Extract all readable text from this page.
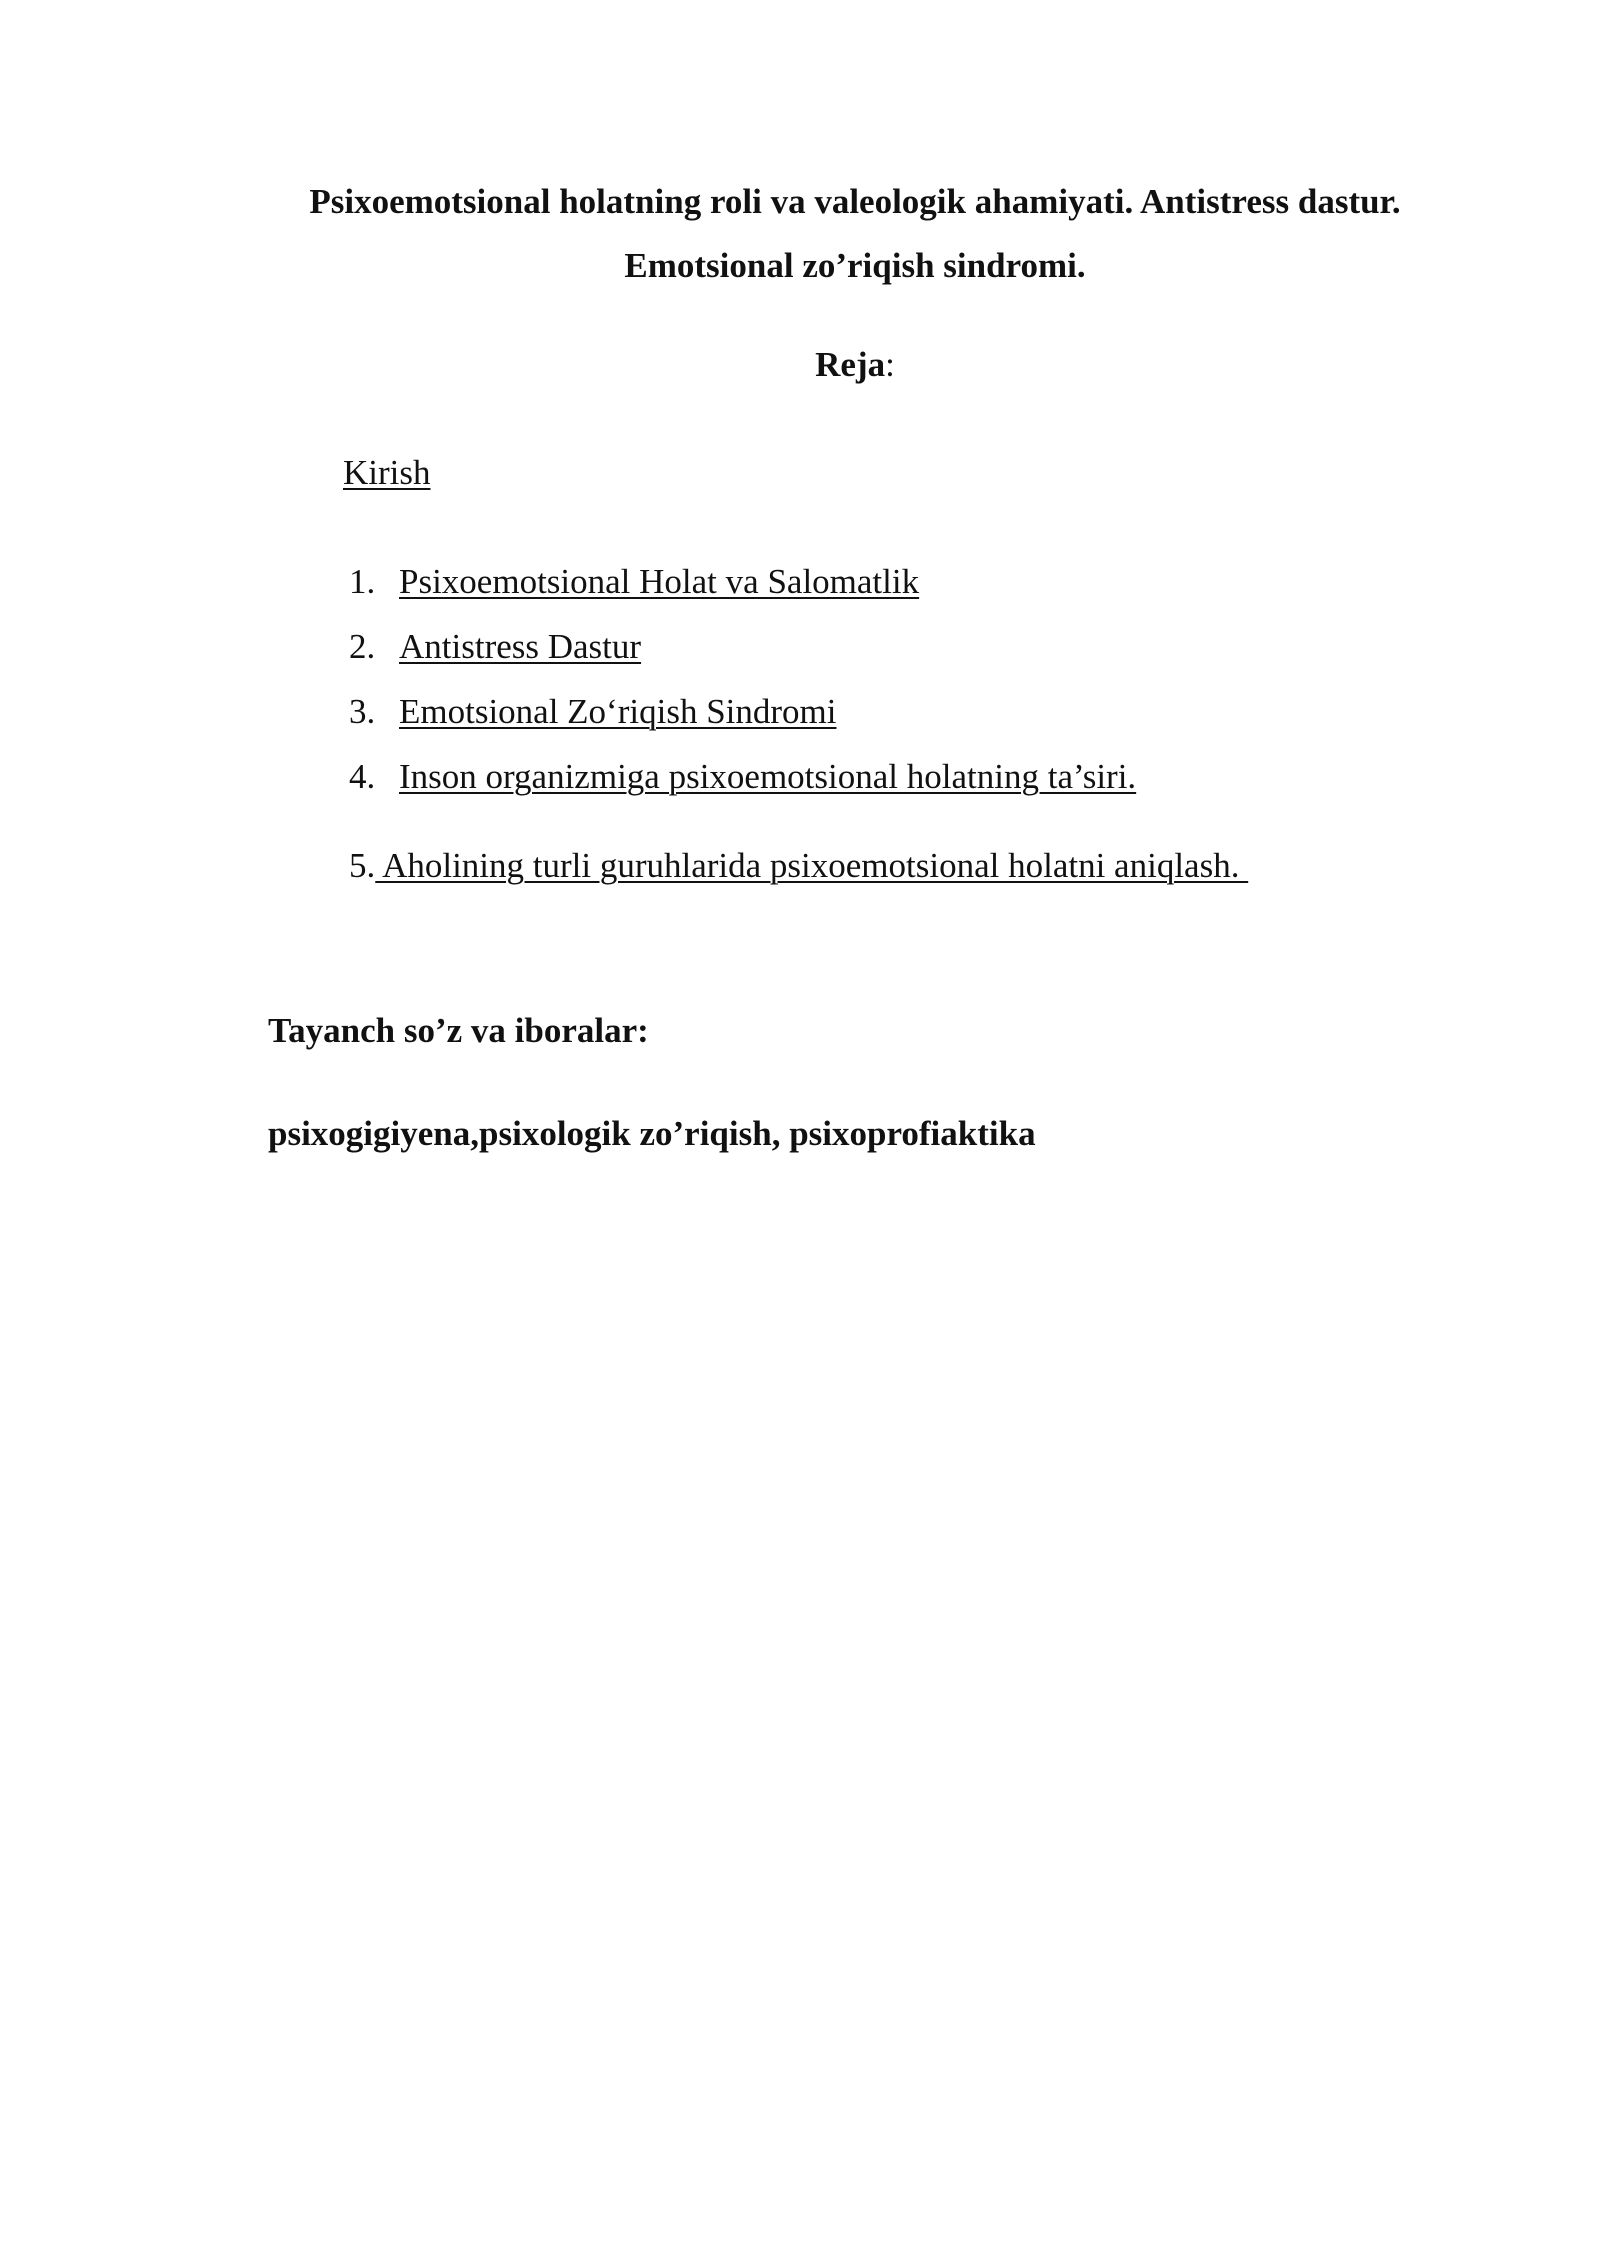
Psixoemotsional holatning roli va valeologik ahamiyati. Antistress dastur. Emotsional zo’riqish sindromi.
Reja:
Kirish

1. Psixoemotsional Holat va Salomatlik

2. Antistress Dastur

3. Emotsional Zo‘riqish Sindromi

4. Inson organizmiga psixoemotsional holatning ta’siri.

5. Aholining turli guruhlarida psixoemotsional holatni aniqlash.

Tayanch so’z va iboralar:
psixogigiyena,psixologik zo’riqish, psixoprofiaktika
